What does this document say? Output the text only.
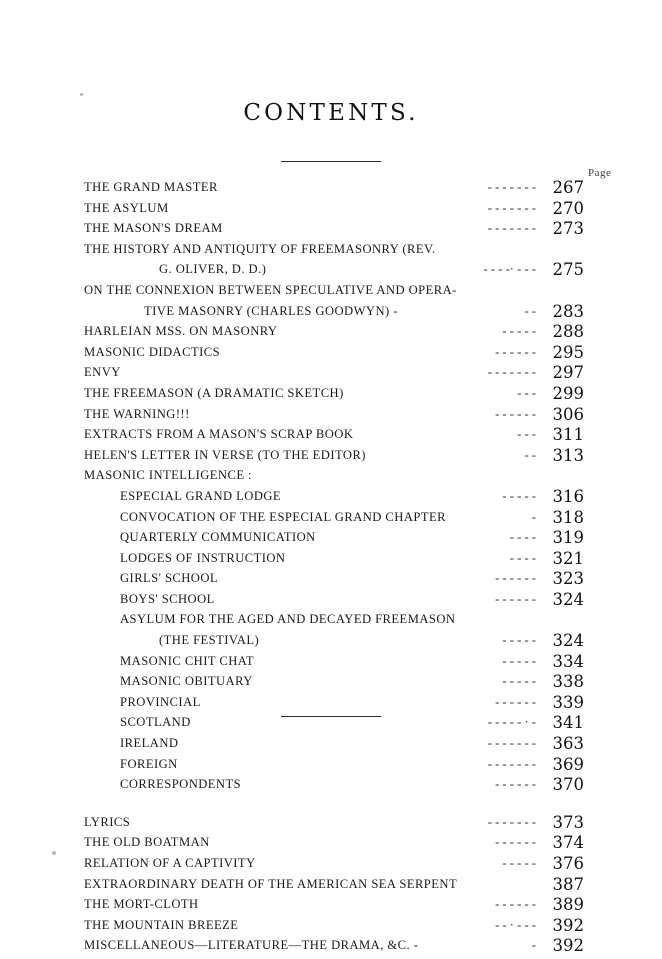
CONTENTS.
Page
THE GRAND MASTER	- - - - - - - 267
THE ASYLUM	- - - - - - - 270
THE MASON'S DREAM	- - - - - - - 273
THE HISTORY AND ANTIQUITY OF FREEMASONRY (REV.
G. OLIVER, D. D.)	- - - -· - - - 275
ON THE CONNEXION BETWEEN SPECULATIVE AND OPERA-
TIVE MASONRY (CHARLES GOODWYN) -	- - 283
HARLEIAN MSS. ON MASONRY	- - - - - 288
MASONIC DIDACTICS	- - - - - - 295
ENVY	- - - - - - - 297
THE FREEMASON (A DRAMATIC SKETCH)	- - - 299
THE WARNING!!!	- - - - - - 306
EXTRACTS FROM A MASON'S SCRAP BOOK	- - - 311
HELEN'S LETTER IN VERSE (TO THE EDITOR)	- - 313
MASONIC INTELLIGENCE :
ESPECIAL GRAND LODGE	- - - - - 316
CONVOCATION OF THE ESPECIAL GRAND CHAPTER	- 318
QUARTERLY COMMUNICATION	- - - - 319
LODGES OF INSTRUCTION	- - - - 321
GIRLS' SCHOOL	- - - - - - 323
BOYS' SCHOOL	- - - - - - 324
ASYLUM FOR THE AGED AND DECAYED FREEMASON
(THE FESTIVAL)	- - - - - 324
MASONIC CHIT CHAT	- - - - - 334
MASONIC OBITUARY	- - - - - 338
PROVINCIAL	- - - - - - 339
SCOTLAND	- - - - - · - 341
IRELAND	- - - - - - - 363
FOREIGN	- - - - - - - 369
CORRESPONDENTS	- - - - - - 370
LYRICS	- - - - - - - 373
THE OLD BOATMAN	- - - - - - 374
RELATION OF A CAPTIVITY	- - - - - 376
EXTRAORDINARY DEATH OF THE AMERICAN SEA SERPENT	387
THE MORT-CLOTH	- - - - - - 389
THE MOUNTAIN BREEZE	- - · - - - 392
MISCELLANEOUS—LITERATURE—THE DRAMA, &C. -	- 392
